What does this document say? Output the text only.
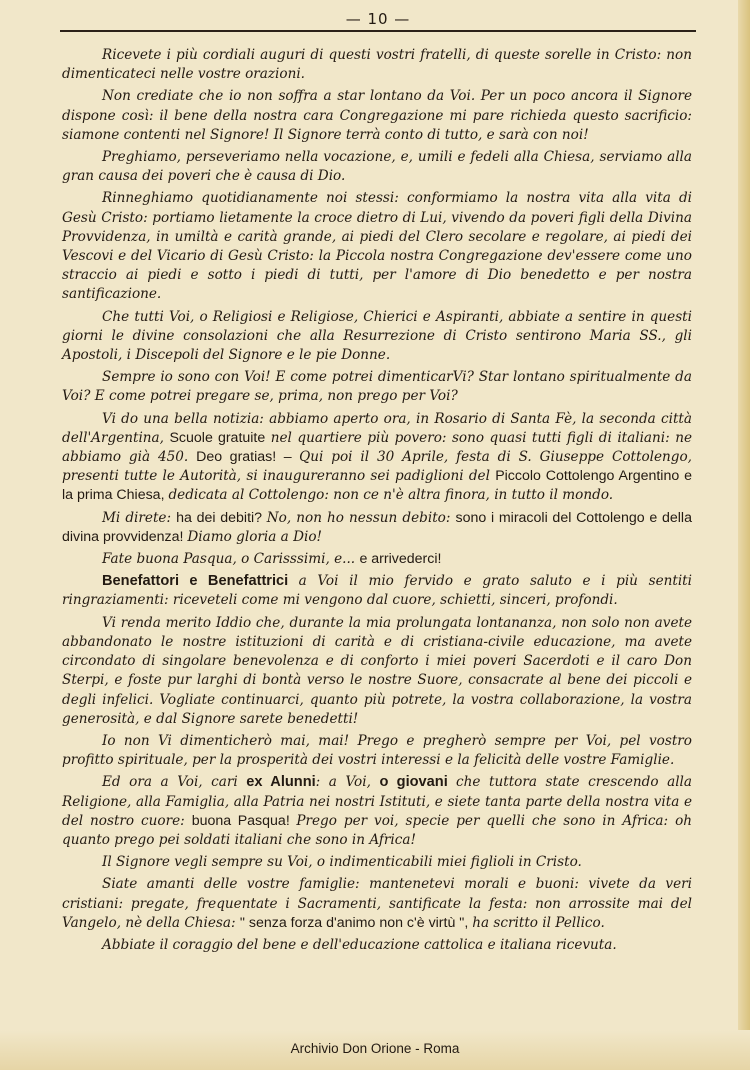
— 10 —

Ricevete i più cordiali auguri di questi vostri fratelli, di queste sorelle in Cristo: non dimenticateci nelle vostre orazioni.

Non crediate che io non soffra a star lontano da Voi. Per un poco ancora il Signore dispone così: il bene della nostra cara Congregazione mi pare richieda questo sacrificio: siamone contenti nel Signore! Il Signore terrà conto di tutto, e sarà con noi!

Preghiamo, perseveriamo nella vocazione, e, umili e fedeli alla Chiesa, serviamo alla gran causa dei poveri che è causa di Dio.

Rinneghiamo quotidianamente noi stessi: conformiamo la nostra vita alla vita di Gesù Cristo: portiamo lietamente la croce dietro di Lui, vivendo da poveri figli della Divina Provvidenza, in umiltà e carità grande, ai piedi del Clero secolare e regolare, ai piedi dei Vescovi e del Vicario di Gesù Cristo: la Piccola nostra Congregazione dev'essere come uno straccio ai piedi e sotto i piedi di tutti, per l'amore di Dio benedetto e per nostra santificazione.

Che tutti Voi, o Religiosi e Religiose, Chierici e Aspiranti, abbiate a sentire in questi giorni le divine consolazioni che alla Resurrezione di Cristo sentirono Maria SS., gli Apostoli, i Discepoli del Signore e le pie Donne.

Sempre io sono con Voi! E come potrei dimenticarVi? Star lontano spiritualmente da Voi? E come potrei pregare se, prima, non prego per Voi?

Vi do una bella notizia: abbiamo aperto ora, in Rosario di Santa Fè, la seconda città dell'Argentina, Scuole gratuite nel quartiere più povero: sono quasi tutti figli di italiani: ne abbiamo già 450. Deo gratias! – Qui poi il 30 Aprile, festa di S. Giuseppe Cottolengo, presenti tutte le Autorità, si inaugureranno sei padiglioni del Piccolo Cottolengo Argentino e la prima Chiesa, dedicata al Cottolengo: non ce n'è altra finora, in tutto il mondo.

Mi direte: ha dei debiti? No, non ho nessun debito: sono i miracoli del Cottolengo e della divina provvidenza! Diamo gloria a Dio!

Fate buona Pasqua, o Carisssimi, e... e arrivederci!

Benefattori e Benefattrici a Voi il mio fervido e grato saluto e i più sentiti ringraziamenti: riceveteli come mi vengono dal cuore, schietti, sinceri, profondi.

Vi renda merito Iddio che, durante la mia prolungata lontananza, non solo non avete abbandonato le nostre istituzioni di carità e di cristiana-civile educazione, ma avete circondato di singolare benevolenza e di conforto i miei poveri Sacerdoti e il caro Don Sterpi, e foste pur larghi di bontà verso le nostre Suore, consacrate al bene dei piccoli e degli infelici. Vogliate continuarci, quanto più potrete, la vostra collaborazione, la vostra generosità, e dal Signore sarete benedetti!

Io non Vi dimenticherò mai, mai! Prego e pregherò sempre per Voi, pel vostro profitto spirituale, per la prosperità dei vostri interessi e la felicità delle vostre Famiglie.

Ed ora a Voi, cari ex Alunni: a Voi, o giovani che tuttora state crescendo alla Religione, alla Famiglia, alla Patria nei nostri Istituti, e siete tanta parte della nostra vita e del nostro cuore: buona Pasqua! Prego per voi, specie per quelli che sono in Africa: oh quanto prego pei soldati italiani che sono in Africa!

Il Signore vegli sempre su Voi, o indimenticabili miei figlioli in Cristo.

Siate amanti delle vostre famiglie: mantenetevi morali e buoni: vivete da veri cristiani: pregate, frequentate i Sacramenti, santificate la festa: non arrossite mai del Vangelo, nè della Chiesa: " senza forza d'animo non c'è virtù ", ha scritto il Pellico.

Abbiate il coraggio del bene e dell'educazione cattolica e italiana ricevuta.

Archivio Don Orione - Roma
